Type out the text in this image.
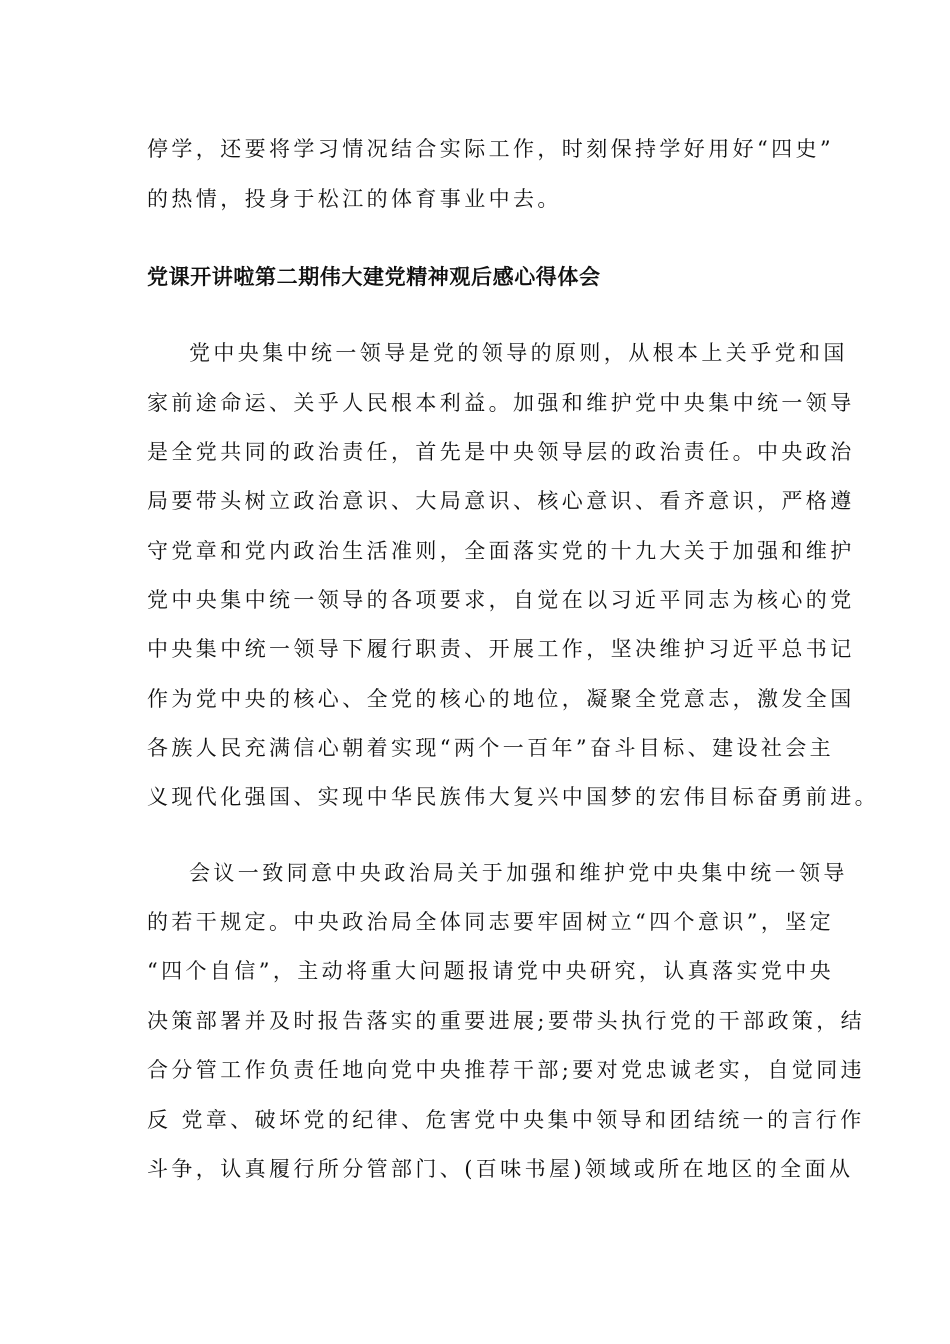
停学，还要将学习情况结合实际工作，时刻保持学好用好“四史”
的热情，投身于松江的体育事业中去。
党课开讲啦第二期伟大建党精神观后感心得体会
党中央集中统一领导是党的领导的原则，从根本上关乎党和国
家前途命运、关乎人民根本利益。加强和维护党中央集中统一领导
是全党共同的政治责任，首先是中央领导层的政治责任。中央政治
局要带头树立政治意识、大局意识、核心意识、看齐意识，严格遵
守党章和党内政治生活准则，全面落实党的十九大关于加强和维护
党中央集中统一领导的各项要求，自觉在以习近平同志为核心的党
中央集中统一领导下履行职责、开展工作，坚决维护习近平总书记
作为党中央的核心、全党的核心的地位，凝聚全党意志，激发全国
各族人民充满信心朝着实现“两个一百年”奋斗目标、建设社会主
义现代化强国、实现中华民族伟大复兴中国梦的宏伟目标奋勇前进。
会议一致同意中央政治局关于加强和维护党中央集中统一领导
的若干规定。中央政治局全体同志要牢固树立“四个意识”，坚定
“四个自信”，主动将重大问题报请党中央研究，认真落实党中央
决策部署并及时报告落实的重要进展;要带头执行党的干部政策，结
合分管工作负责任地向党中央推荐干部;要对党忠诚老实，自觉同违
反 党章、破坏党的纪律、危害党中央集中领导和团结统一的言行作
斗争，认真履行所分管部门、(百味书屋)领域或所在地区的全面从
